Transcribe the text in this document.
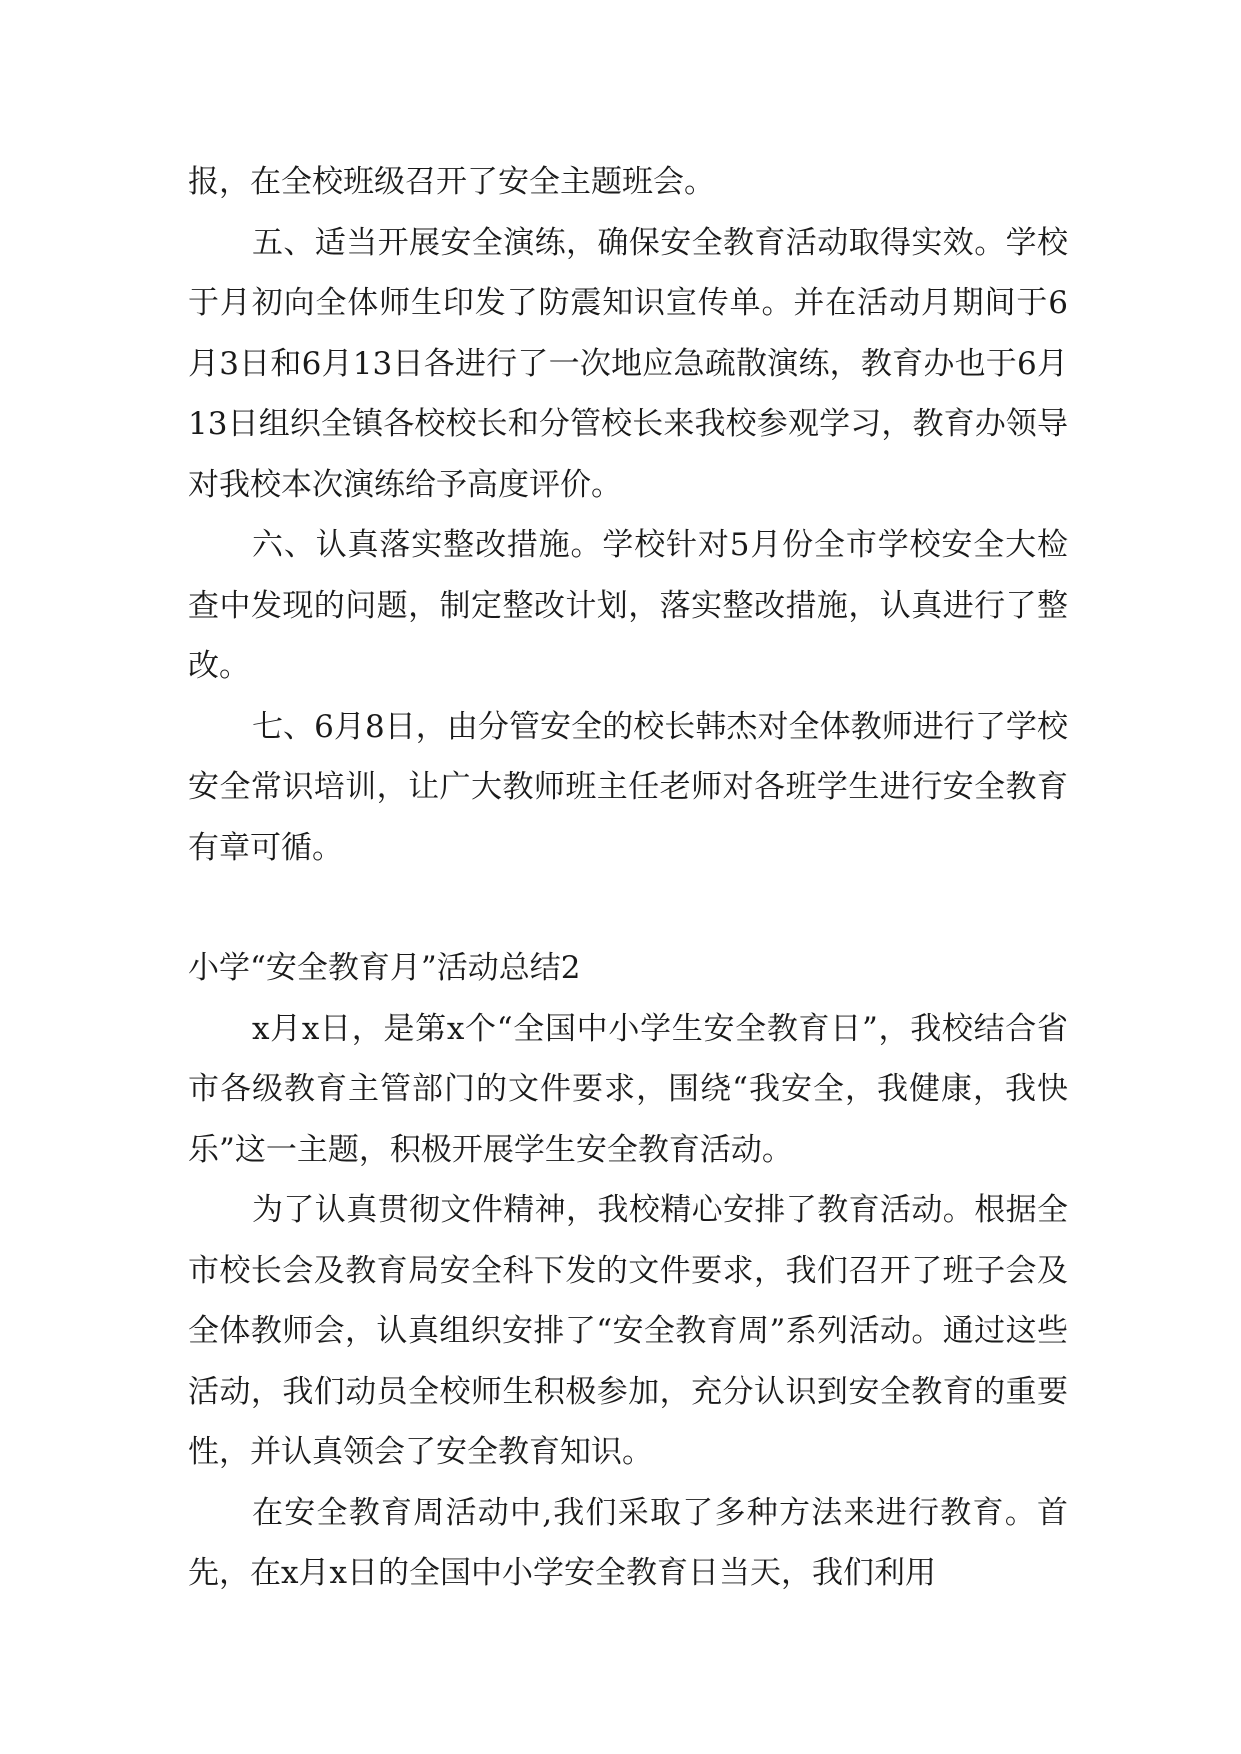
报，在全校班级召开了安全主题班会。

五、适当开展安全演练，确保安全教育活动取得实效。学校于月初向全体师生印发了防震知识宣传单。并在活动月期间于6月3日和6月13日各进行了一次地应急疏散演练，教育办也于6月13日组织全镇各校校长和分管校长来我校参观学习，教育办领导对我校本次演练给予高度评价。

六、认真落实整改措施。学校针对5月份全市学校安全大检查中发现的问题，制定整改计划，落实整改措施，认真进行了整改。

七、6月8日，由分管安全的校长韩杰对全体教师进行了学校安全常识培训，让广大教师班主任老师对各班学生进行安全教育有章可循。

小学“安全教育月”活动总结2

x月x日，是第x个“全国中小学生安全教育日”，我校结合省市各级教育主管部门的文件要求，围绕“我安全，我健康，我快乐”这一主题，积极开展学生安全教育活动。

为了认真贯彻文件精神，我校精心安排了教育活动。根据全市校长会及教育局安全科下发的文件要求，我们召开了班子会及全体教师会，认真组织安排了“安全教育周”系列活动。通过这些活动，我们动员全校师生积极参加，充分认识到安全教育的重要性，并认真领会了安全教育知识。

在安全教育周活动中,我们采取了多种方法来进行教育。首先，在x月x日的全国中小学安全教育日当天，我们利用
